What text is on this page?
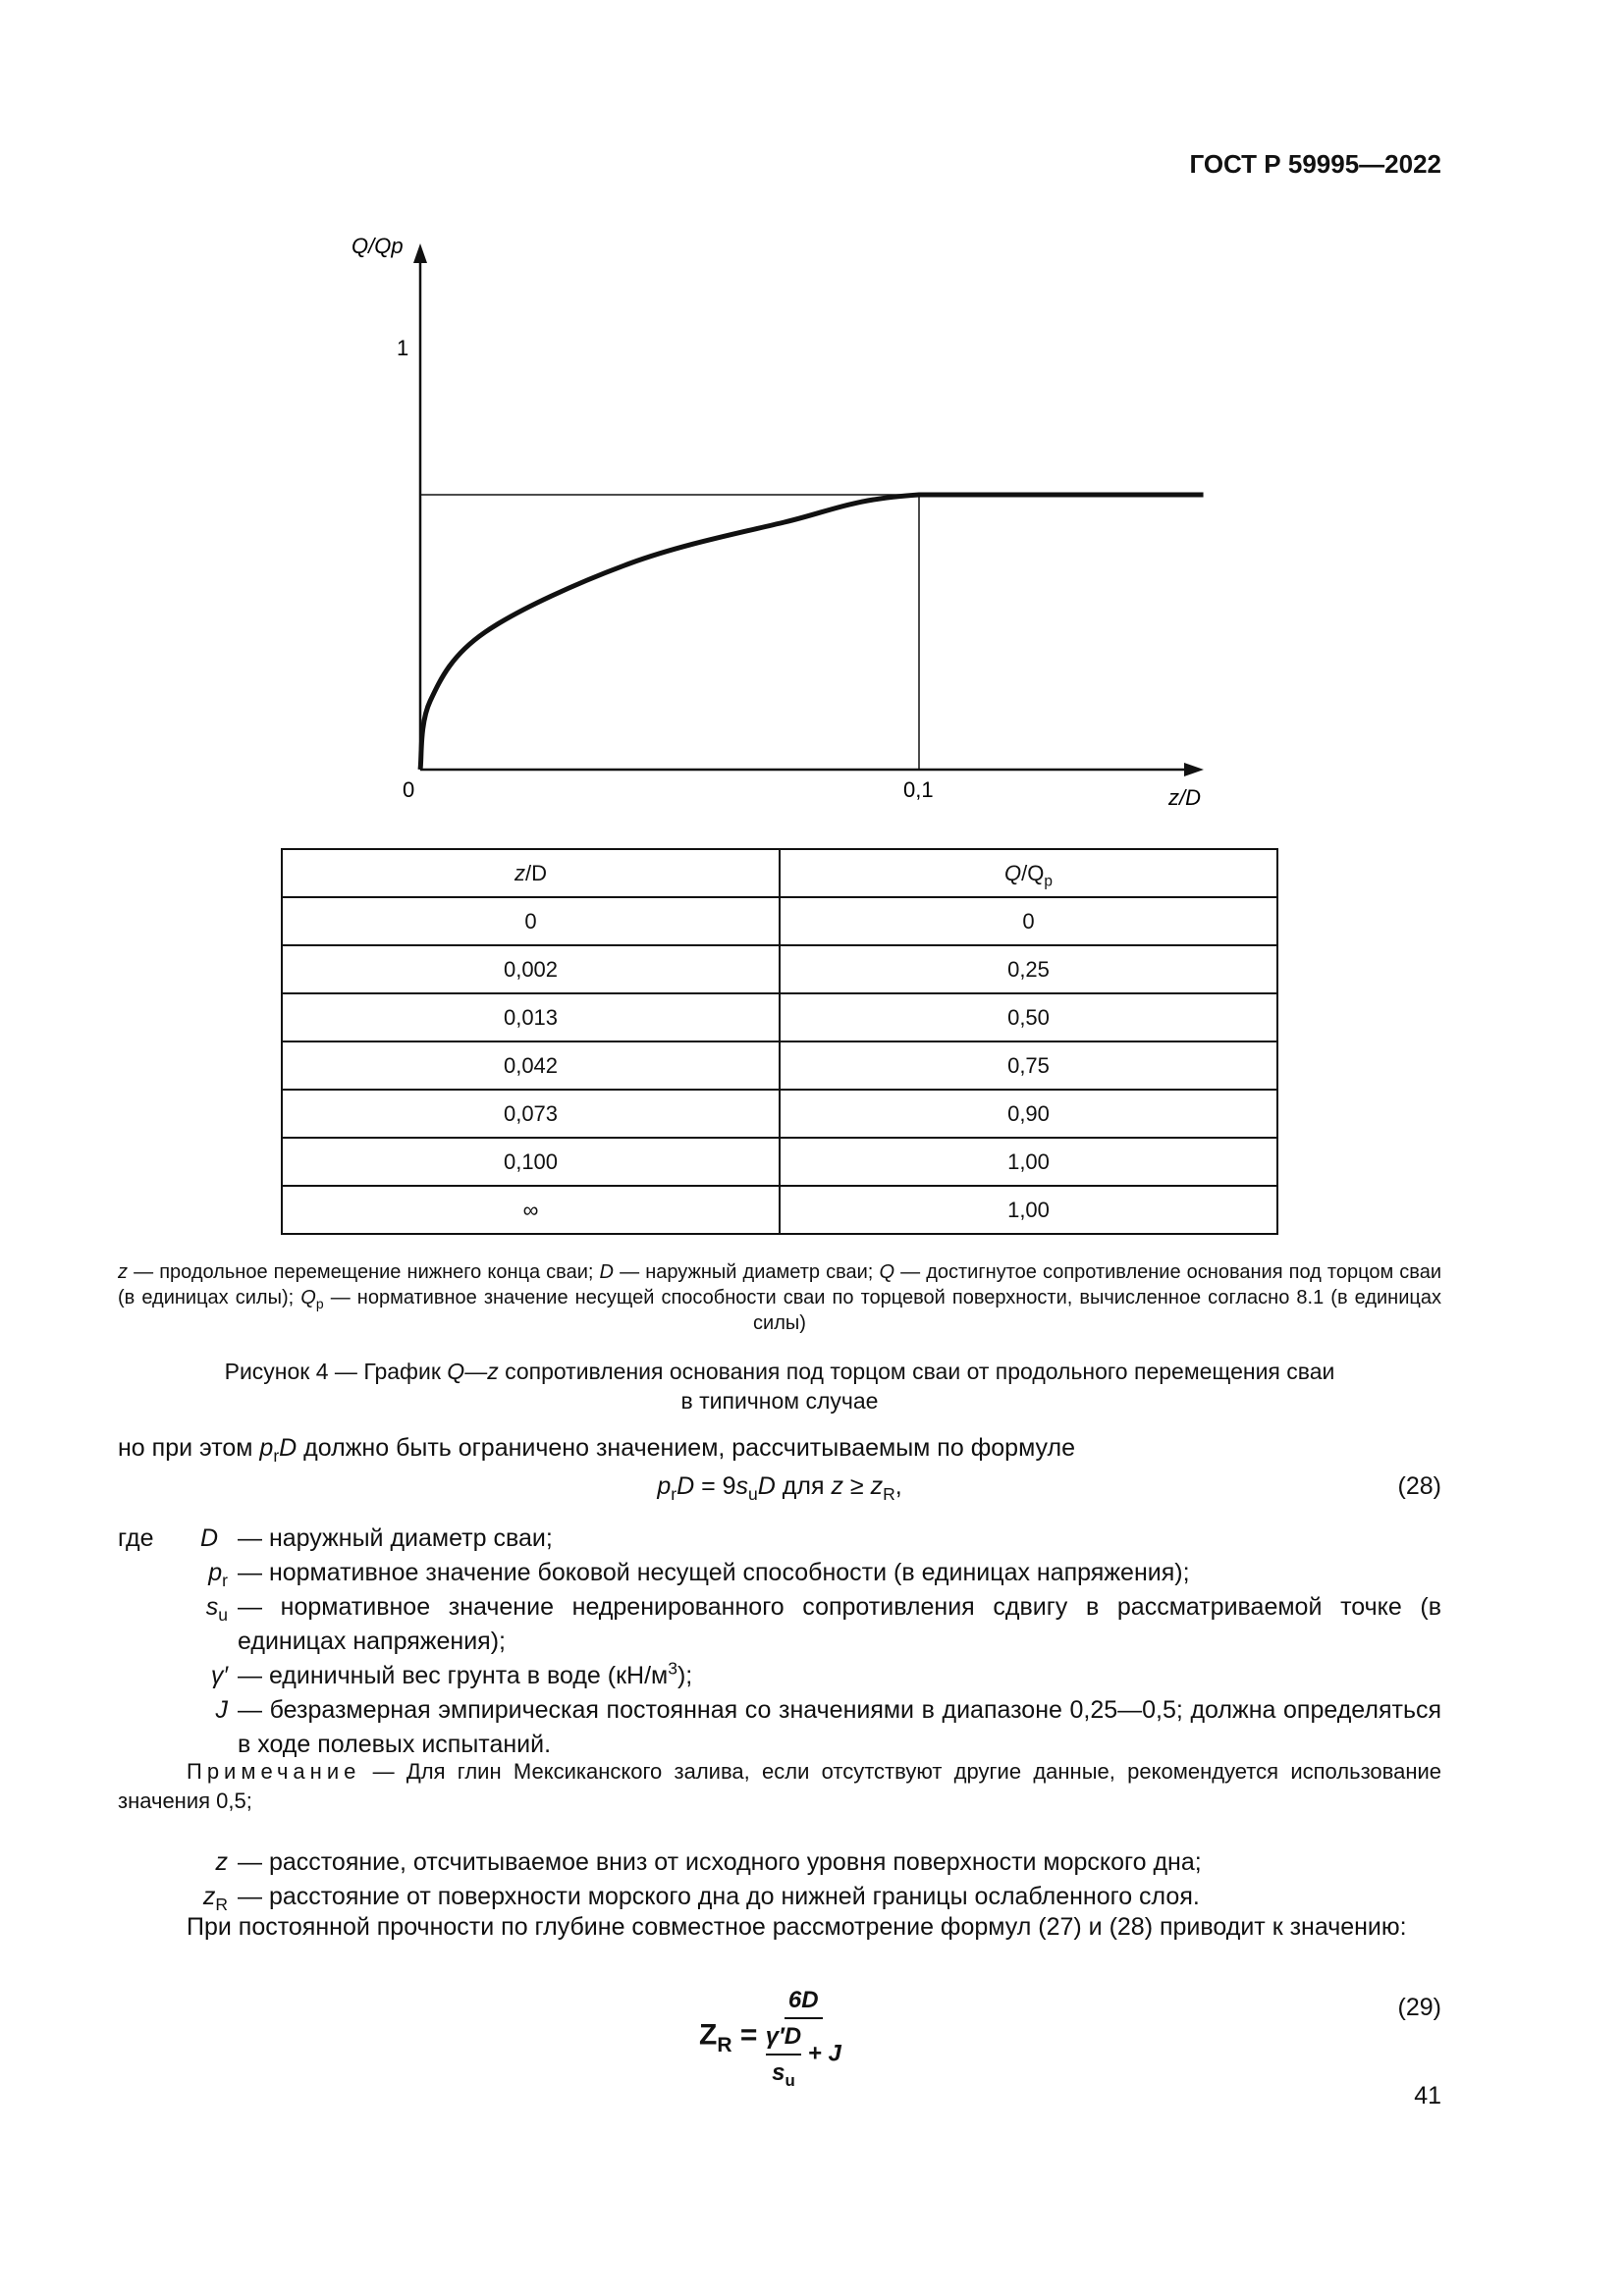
ГОСТ Р 59995—2022
Q/Qp
z/D
0	0,1
1
z/D	$Q/Q_p$
0	0
0,002	0,25
0,013	0,50
0,042	0,75
0,073	0,90
0,100	1,00
∞	1,00
z — продольное перемещение нижнего конца сваи; D — наружный диаметр сваи; Q — достигнутое сопротивление основания под торцом сваи (в единицах силы); $Q_p$ — нормативное значение несущей способности сваи по торцевой поверхности, вычисленное согласно 8.1 (в единицах силы)
Рисунок 4 — График Q—z сопротивления основания под торцом сваи от продольного перемещения сваи
в типичном случае
но при этом $p_rD$ должно быть ограничено значением, рассчитываемым по формуле
$p_rD = 9s_uD$ для $z \ge z_R$,	(28)
где	D — наружный диаметр сваи;
$p_r$ — нормативное значение боковой несущей способности (в единицах напряжения);
$s_u$ — нормативное значение недренированного сопротивления сдвигу в рассматриваемой точке (в единицах напряжения);
γ′ — единичный вес грунта в воде $(кН/м^3)$;
J — безразмерная эмпирическая постоянная со значениями в диапазоне 0,25—0,5; должна определяться в ходе полевых испытаний.
z — расстояние, отсчитываемое вниз от исходного уровня поверхности морского дна;
$z_R$ — расстояние от поверхности морского дна до нижней границы ослабленного слоя.
Примечание — Для глин Мексиканского залива, если отсутствуют другие данные, рекомендуется использование значения 0,5;
При постоянной прочности по глубине совместное рассмотрение формул (27) и (28) приводит к значению:
$Z_R = \frac{6D}{\frac{\gamma'D}{s_u} + J}$	(29)
41
